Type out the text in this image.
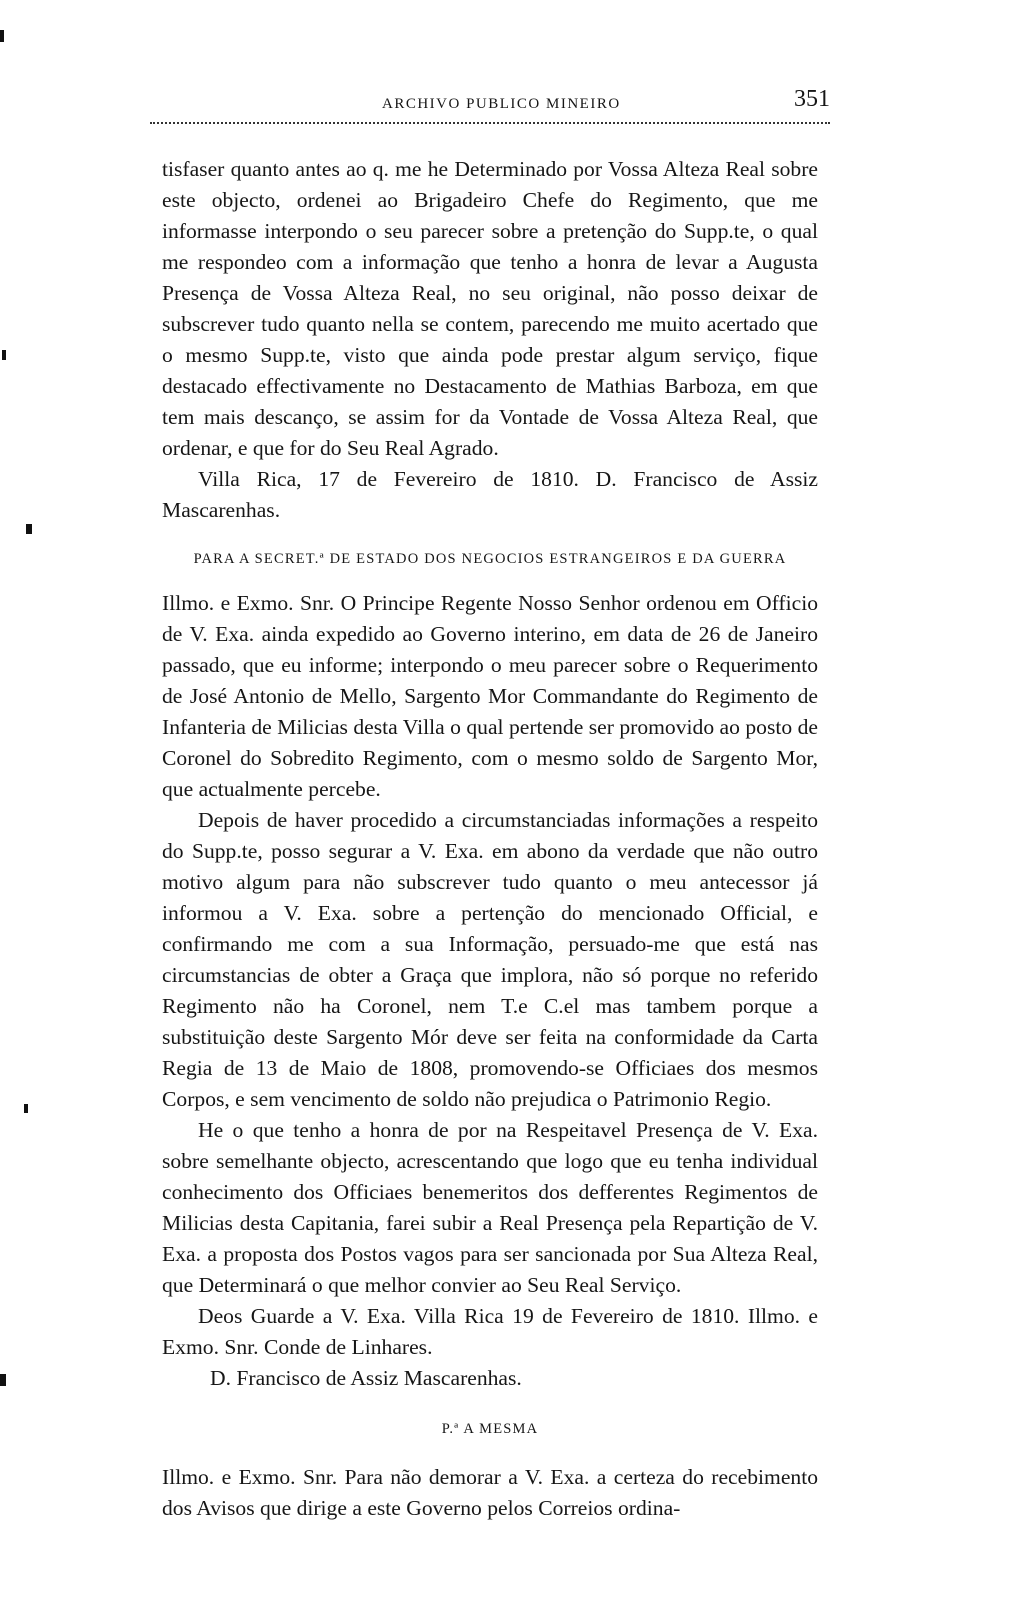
ARCHIVO PUBLICO MINEIRO	351

tisfaser quanto antes ao q. me he Determinado por Vossa Alteza Real sobre este objecto, ordenei ao Brigadeiro Chefe do Regimento, que me informasse interpondo o seu parecer sobre a pretenção do Supp.te, o qual me respondeo com a informação que tenho a honra de levar a Augusta Presença de Vossa Alteza Real, no seu original, não posso deixar de subscrever tudo quanto nella se contem, parecendo me muito acertado que o mesmo Supp.te, visto que ainda pode prestar algum serviço, fique destacado effectivamente no Destacamento de Mathias Barboza, em que tem mais descanço, se assim for da Vontade de Vossa Alteza Real, que ordenar, e que for do Seu Real Agrado.

Villa Rica, 17 de Fevereiro de 1810. D. Francisco de Assiz Mascarenhas.

PARA A SECRET.ª DE ESTADO DOS NEGOCIOS ESTRANGEIROS E DA GUERRA

Illmo. e Exmo. Snr. O Principe Regente Nosso Senhor ordenou em Officio de V. Exa. ainda expedido ao Governo interino, em data de 26 de Janeiro passado, que eu informe; interpondo o meu parecer sobre o Requerimento de José Antonio de Mello, Sargento Mor Commandante do Regimento de Infanteria de Milicias desta Villa o qual pertende ser promovido ao posto de Coronel do Sobredito Regimento, com o mesmo soldo de Sargento Mor, que actualmente percebe.

Depois de haver procedido a circumstanciadas informações a respeito do Supp.te, posso segurar a V. Exa. em abono da verdade que não outro motivo algum para não subscrever tudo quanto o meu antecessor já informou a V. Exa. sobre a pertenção do mencionado Official, e confirmando me com a sua Informação, persuado-me que está nas circumstancias de obter a Graça que implora, não só porque no referido Regimento não ha Coronel, nem T.e C.el mas tambem porque a substituição deste Sargento Mór deve ser feita na conformidade da Carta Regia de 13 de Maio de 1808, promovendo-se Officiaes dos mesmos Corpos, e sem vencimento de soldo não prejudica o Patrimonio Regio.

He o que tenho a honra de por na Respeitavel Presença de V. Exa. sobre semelhante objecto, acrescentando que logo que eu tenha individual conhecimento dos Officiaes benemeritos dos defferentes Regimentos de Milicias desta Capitania, farei subir a Real Presença pela Repartição de V. Exa. a proposta dos Postos vagos para ser sancionada por Sua Alteza Real, que Determinará o que melhor convier ao Seu Real Serviço.

Deos Guarde a V. Exa. Villa Rica 19 de Fevereiro de 1810. Illmo. e Exmo. Snr. Conde de Linhares.

D. Francisco de Assiz Mascarenhas.

P.ª A MESMA

Illmo. e Exmo. Snr. Para não demorar a V. Exa. a certeza do recebimento dos Avisos que dirige a este Governo pelos Correios ordina-
